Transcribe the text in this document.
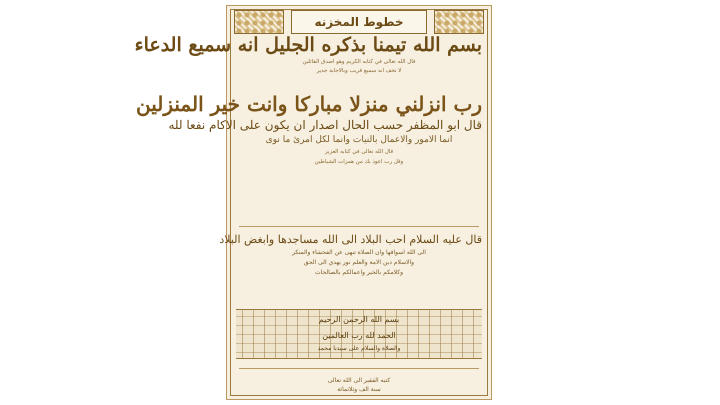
خطوط المخزنه
بسم الله تيمنا بذكره الجليل انه سميع الدعاء
قال الله تعالى في كتابه الكريم وهو اصدق القائلين
لا تخف انه سميع قريب وبالاجابة جدير
رب انزلني منزلا مباركا وانت خير المنزلين
قال ابو المظفر حسب الحال اصدار ان يكون على الاكام نفعا لله
انما الامور والاعمال بالنيات وانما لكل امرئ ما نوى
قال الله تعالى في كتابه العزيز
وقل رب اعوذ بك من همزات الشياطين
قال عليه السلام احب البلاد الى الله مساجدها وابغض البلاد
الى الله اسواقها وان الصلاة تنهى عن الفحشاء والمنكر
والاسلام دين الامة والعلم نور يهدي الى الحق
وكلامكم بالخير واعمالكم بالصالحات
بسم الله الرحمن الرحيم
الحمد لله رب العالمين
والصلاة والسلام على سيدنا محمد
كتبه الفقير الى الله تعالى
سنة الف وثلاثمائة
